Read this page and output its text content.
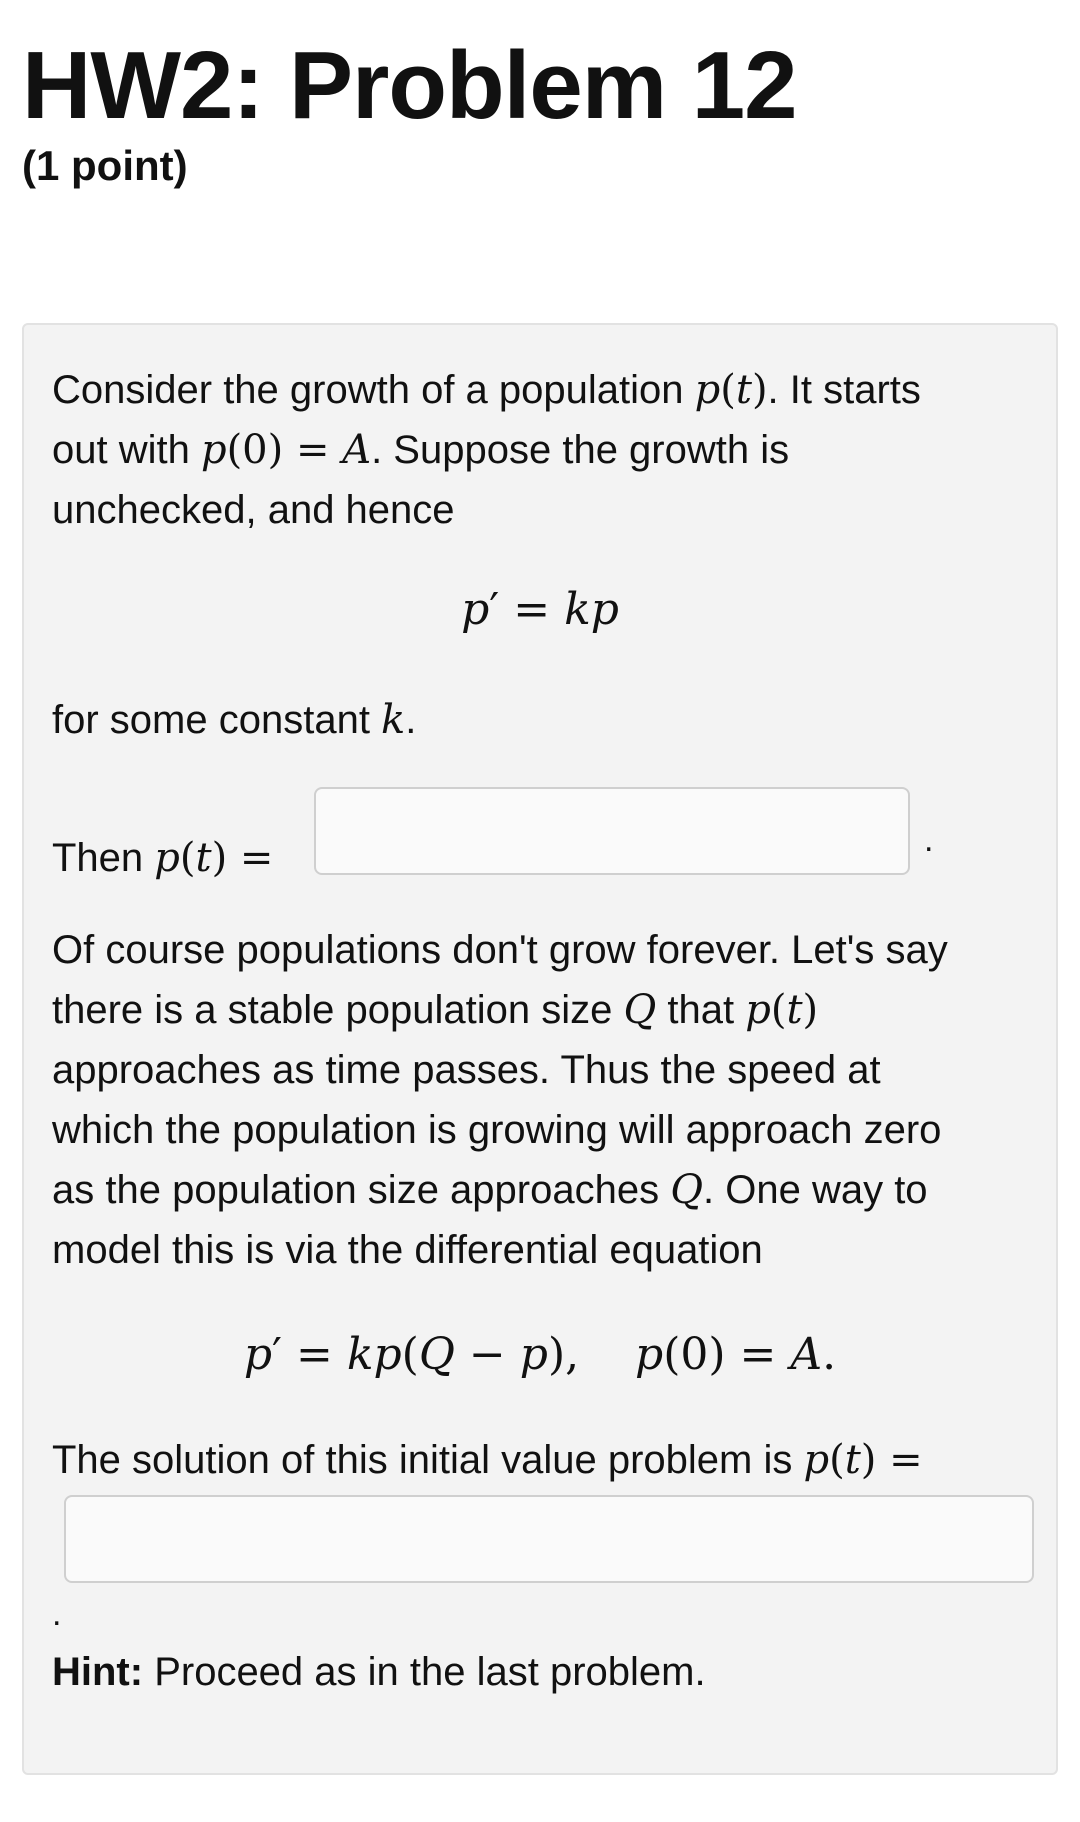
HW2: Problem 12
(1 point)
Consider the growth of a population p(t). It starts
out with p(0) = A. Suppose the growth is
unchecked, and hence
p′ = kp
for some constant k.
Then p(t) =	.
Of course populations don't grow forever. Let's say
there is a stable population size Q that p(t)
approaches as time passes. Thus the speed at
which the population is growing will approach zero
as the population size approaches Q. One way to
model this is via the differential equation
p′ = kp(Q − p), p(0) = A.
The solution of this initial value problem is p(t) =
.
Hint: Proceed as in the last problem.
